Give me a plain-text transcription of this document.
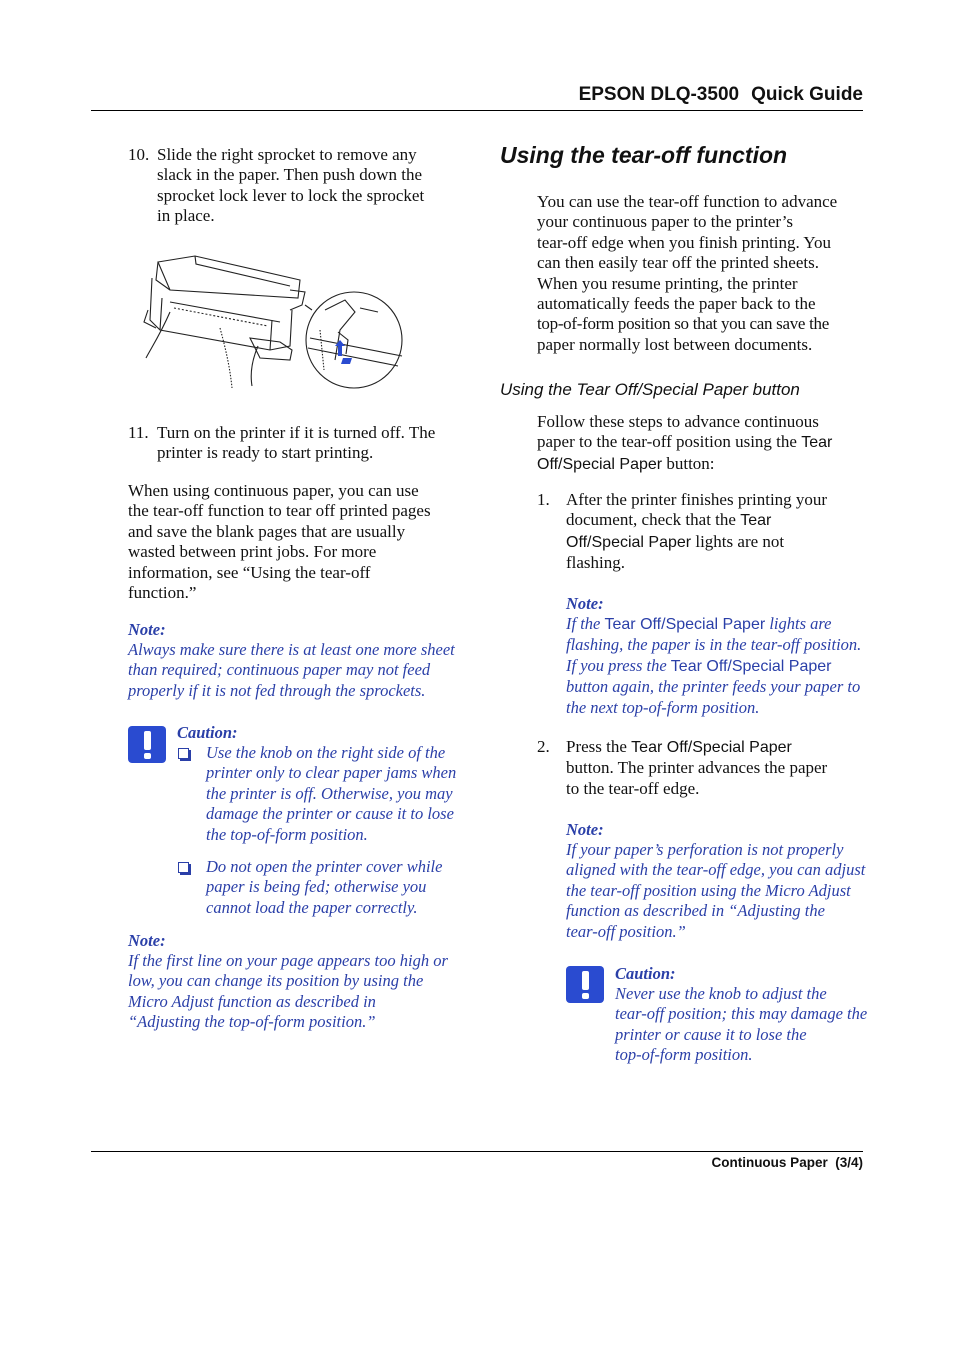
EPSON DLQ-3500 Quick Guide
10. Slide the right sprocket to remove any
slack in the paper. Then push down the
sprocket lock lever to lock the sprocket
in place.
11. Turn on the printer if it is turned off. The
printer is ready to start printing.
When using continuous paper, you can use
the tear-off function to tear off printed pages
and save the blank pages that are usually
wasted between print jobs. For more
information, see “Using the tear-off
function.”
Note:
Always make sure there is at least one more sheet
than required; continuous paper may not feed
properly if it is not fed through the sprockets.
Caution:
Use the knob on the right side of the
printer only to clear paper jams when
the printer is off. Otherwise, you may
damage the printer or cause it to lose
the top-of-form position.
Do not open the printer cover while
paper is being fed; otherwise you
cannot load the paper correctly.
Note:
If the first line on your page appears too high or
low, you can change its position by using the
Micro Adjust function as described in
“Adjusting the top-of-form position.”
Using the tear-off function
You can use the tear-off function to advance
your continuous paper to the printer’s
tear-off edge when you finish printing. You
can then easily tear off the printed sheets.
When you resume printing, the printer
automatically feeds the paper back to the
top-of-form position so that you can save the
paper normally lost between documents.
Using the Tear Off/Special Paper button
Follow these steps to advance continuous
paper to the tear-off position using the Tear
Off/Special Paper button:
1. After the printer finishes printing your
document, check that the Tear
Off/Special Paper lights are not
flashing.
Note:
If the Tear Off/Special Paper lights are
flashing, the paper is in the tear-off position.
If you press the Tear Off/Special Paper
button again, the printer feeds your paper to
the next top-of-form position.
2. Press the Tear Off/Special Paper
button. The printer advances the paper
to the tear-off edge.
Note:
If your paper’s perforation is not properly
aligned with the tear-off edge, you can adjust
the tear-off position using the Micro Adjust
function as described in “Adjusting the
tear-off position.”
Caution:
Never use the knob to adjust the
tear-off position; this may damage the
printer or cause it to lose the
top-of-form position.
Continuous Paper (3/4)
